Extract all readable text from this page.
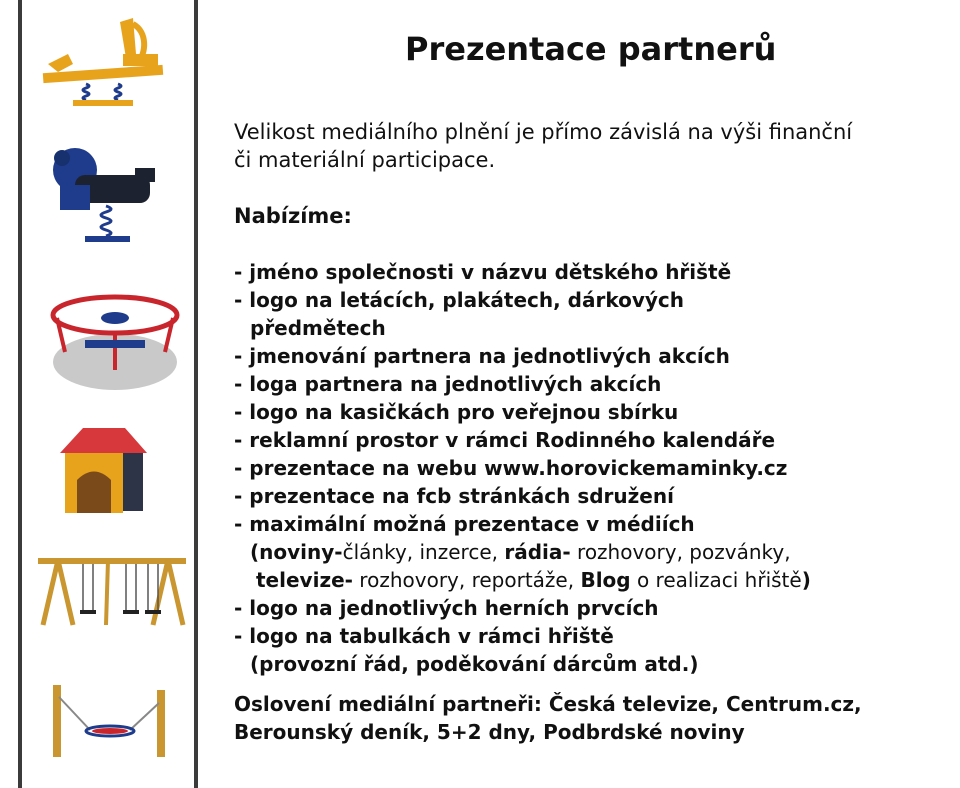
Prezentace partnerů
Velikost mediálního plnění je přímo závislá na výši finanční
či materiální participace.
Nabízíme:
- jméno společnosti v názvu dětského hřiště
- logo na letácích, plakátech, dárkových
předmětech
- jmenování partnera na jednotlivých akcích
- loga partnera na jednotlivých akcích
- logo na kasičkách pro veřejnou sbírku
- reklamní prostor v rámci Rodinného kalendáře
- prezentace na webu www.horovickemaminky.cz
- prezentace na fcb stránkách sdružení
- maximální možná prezentace v médiích
(noviny-články, inzerce, rádia- rozhovory, pozvánky,
televize- rozhovory, reportáže, Blog o realizaci hřiště)
- logo na jednotlivých herních prvcích
- logo na tabulkách v rámci hřiště
(provozní řád, poděkování dárcům atd.)
Oslovení mediální partneři: Česká televize, Centrum.cz,
Berounský deník, 5+2 dny, Podbrdské noviny
